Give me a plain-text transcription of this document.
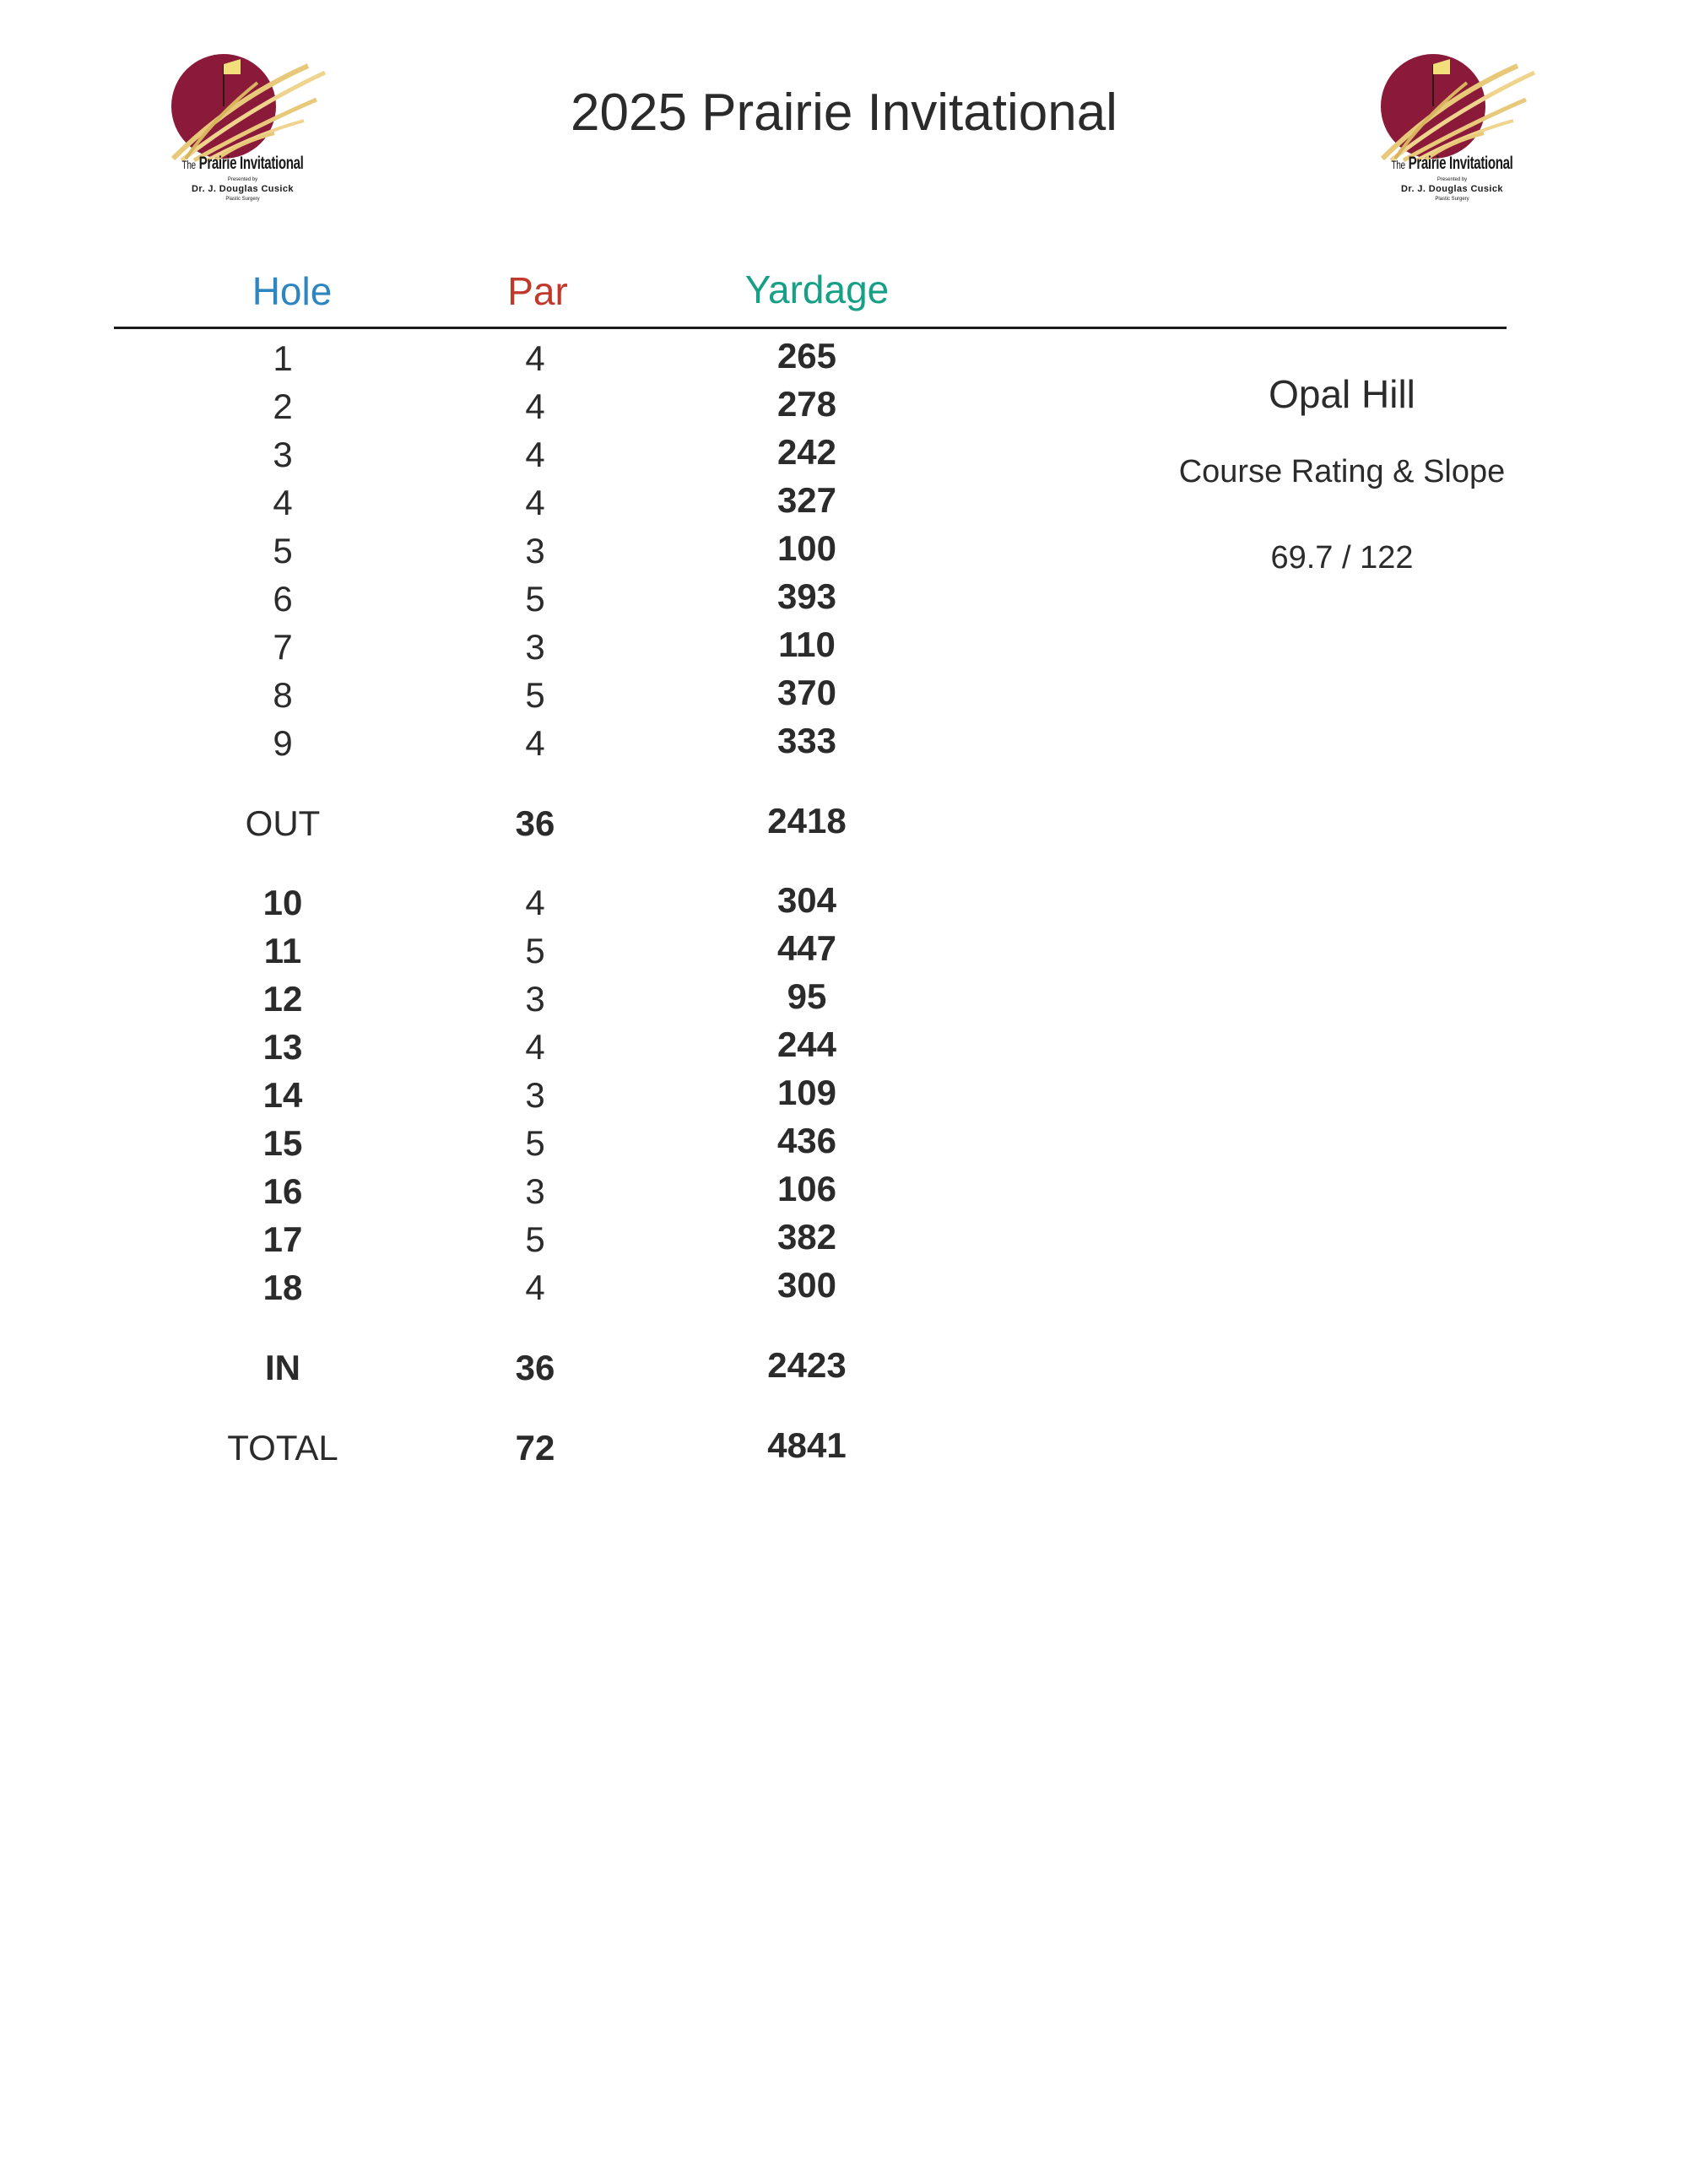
The Prairie Invitational
Presented by
Dr. J. Douglas Cusick
Plastic Surgery
The Prairie Invitational
Presented by
Dr. J. Douglas Cusick
Plastic Surgery
2025 Prairie Invitational
Hole	Par	Yardage
1	4	265
2	4	278
3	4	242
4	4	327
5	3	100
6	5	393
7	3	110
8	5	370
9	4	333
OUT	36	2418
10	4	304
11	5	447
12	3	95
13	4	244
14	3	109
15	5	436
16	3	106
17	5	382
18	4	300
IN	36	2423
TOTAL	72	4841
Opal Hill
Course Rating & Slope
69.7 / 122
